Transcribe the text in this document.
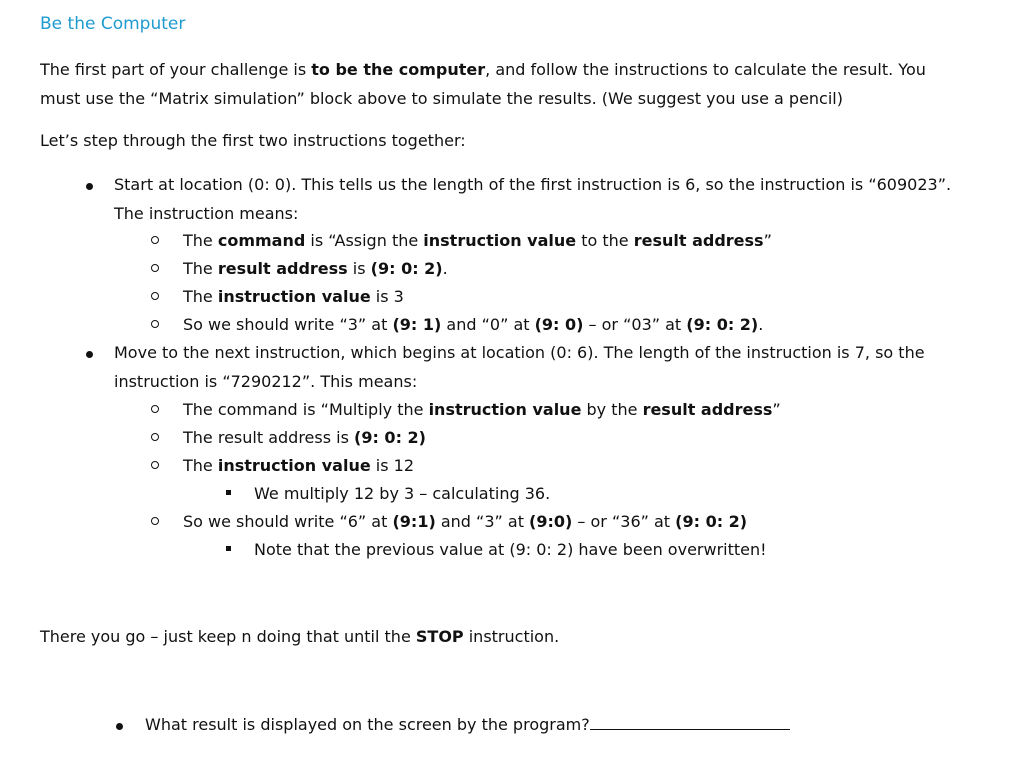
Be the Computer
The first part of your challenge is to be the computer, and follow the instructions to calculate the result. You
must use the “Matrix simulation” block above to simulate the results. (We suggest you use a pencil)
Let’s step through the first two instructions together:
Start at location (0: 0). This tells us the length of the first instruction is 6, so the instruction is “609023”.
The instruction means:
The command is “Assign the instruction value to the result address”
The result address is (9: 0: 2).
The instruction value is 3
So we should write “3” at (9: 1) and “0” at (9: 0) – or “03” at (9: 0: 2).
Move to the next instruction, which begins at location (0: 6). The length of the instruction is 7, so the
instruction is “7290212”. This means:
The command is “Multiply the instruction value by the result address”
The result address is (9: 0: 2)
The instruction value is 12
We multiply 12 by 3 – calculating 36.
So we should write “6” at (9:1) and “3” at (9:0) – or “36” at (9: 0: 2)
Note that the previous value at (9: 0: 2) have been overwritten!
There you go – just keep n doing that until the STOP instruction.
What result is displayed on the screen by the program?
